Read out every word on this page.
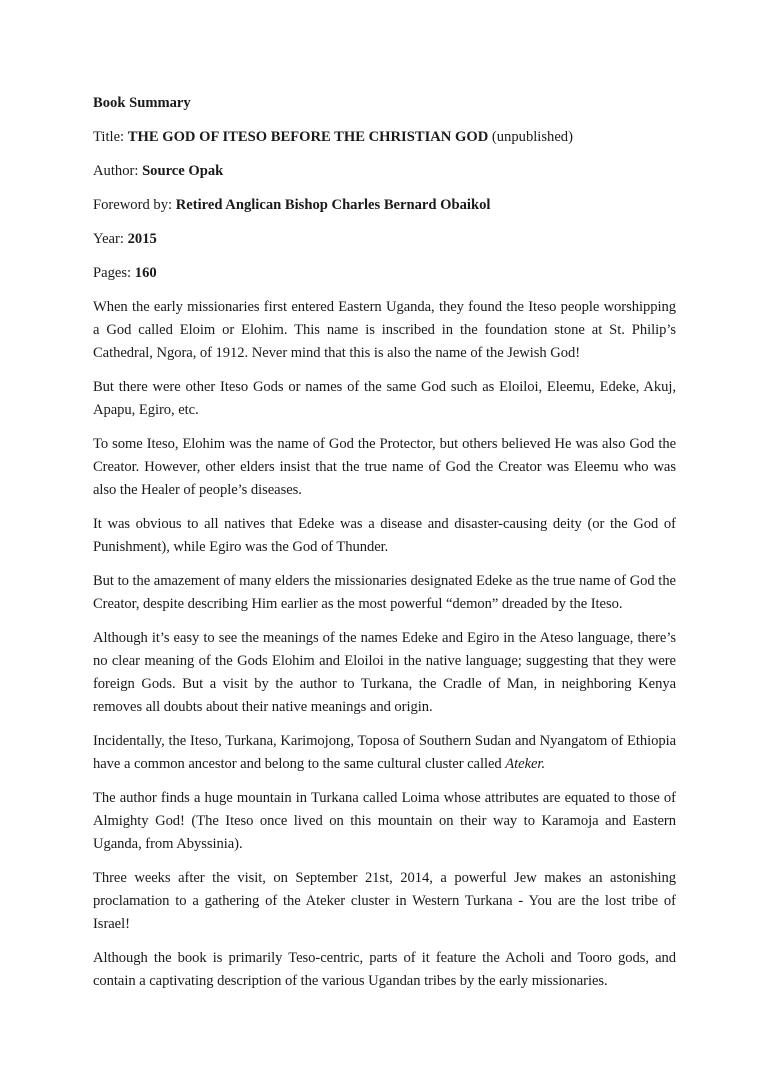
Book Summary

Title: THE GOD OF ITESO BEFORE THE CHRISTIAN GOD (unpublished)

Author: Source Opak

Foreword by: Retired Anglican Bishop Charles Bernard Obaikol

Year: 2015

Pages: 160

When the early missionaries first entered Eastern Uganda, they found the Iteso people worshipping a God called Eloim or Elohim. This name is inscribed in the foundation stone at St. Philip’s Cathedral, Ngora, of 1912. Never mind that this is also the name of the Jewish God!

But there were other Iteso Gods or names of the same God such as Eloiloi, Eleemu, Edeke, Akuj, Apapu, Egiro, etc.

To some Iteso, Elohim was the name of God the Protector, but others believed He was also God the Creator. However, other elders insist that the true name of God the Creator was Eleemu who was also the Healer of people’s diseases.

It was obvious to all natives that Edeke was a disease and disaster-causing deity (or the God of Punishment), while Egiro was the God of Thunder.

But to the amazement of many elders the missionaries designated Edeke as the true name of God the Creator, despite describing Him earlier as the most powerful “demon” dreaded by the Iteso.

Although it’s easy to see the meanings of the names Edeke and Egiro in the Ateso language, there’s no clear meaning of the Gods Elohim and Eloiloi in the native language; suggesting that they were foreign Gods. But a visit by the author to Turkana, the Cradle of Man, in neighboring Kenya removes all doubts about their native meanings and origin.

Incidentally, the Iteso, Turkana, Karimojong, Toposa of Southern Sudan and Nyangatom of Ethiopia have a common ancestor and belong to the same cultural cluster called Ateker.

The author finds a huge mountain in Turkana called Loima whose attributes are equated to those of Almighty God! (The Iteso once lived on this mountain on their way to Karamoja and Eastern Uganda, from Abyssinia).

Three weeks after the visit, on September 21st, 2014, a powerful Jew makes an astonishing proclamation to a gathering of the Ateker cluster in Western Turkana - You are the lost tribe of Israel!

Although the book is primarily Teso-centric, parts of it feature the Acholi and Tooro gods, and contain a captivating description of the various Ugandan tribes by the early missionaries.
